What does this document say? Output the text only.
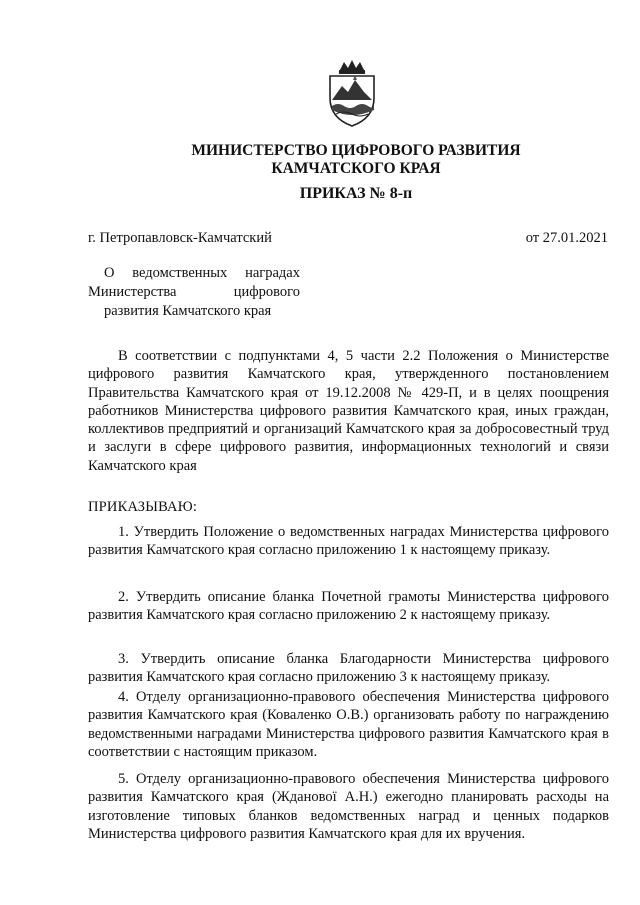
МИНИСТЕРСТВО ЦИФРОВОГО РАЗВИТИЯ
КАМЧАТСКОГО КРАЯ
ПРИКАЗ № 8-п
г. Петропавловск-Камчатский	от 27.01.2021
О ведомственных наградах Министерства цифрового
развития Камчатского края

В соответствии с подпунктами 4, 5 части 2.2 Положения о Министерстве цифрового развития Камчатского края, утвержденного постановлением Правительства Камчатского края от 19.12.2008 № 429-П, и в целях поощрения работников Министерства цифрового развития Камчатского края, иных граждан, коллективов предприятий и организаций Камчатского края за добросовестный труд и заслуги в сфере цифрового развития, информационных технологий и связи Камчатского края

ПРИКАЗЫВАЮ:

1. Утвердить Положение о ведомственных наградах Министерства цифрового развития Камчатского края согласно приложению 1 к настоящему приказу.

2. Утвердить описание бланка Почетной грамоты Министерства цифрового развития Камчатского края согласно приложению 2 к настоящему приказу.

3. Утвердить описание бланка Благодарности Министерства цифрового развития Камчатского края согласно приложению 3 к настоящему приказу.

4. Отделу организационно-правового обеспечения Министерства цифрового развития Камчатского края (Коваленко О.В.) организовать работу по награждению ведомственными наградами Министерства цифрового развития Камчатского края в соответствии с настоящим приказом.

5. Отделу организационно-правового обеспечения Министерства цифрового развития Камчатского края (Жданової А.Н.) ежегодно планировать расходы на изготовление типовых бланков ведомственных наград и ценных подарков Министерства цифрового развития Камчатского края для их вручения.
